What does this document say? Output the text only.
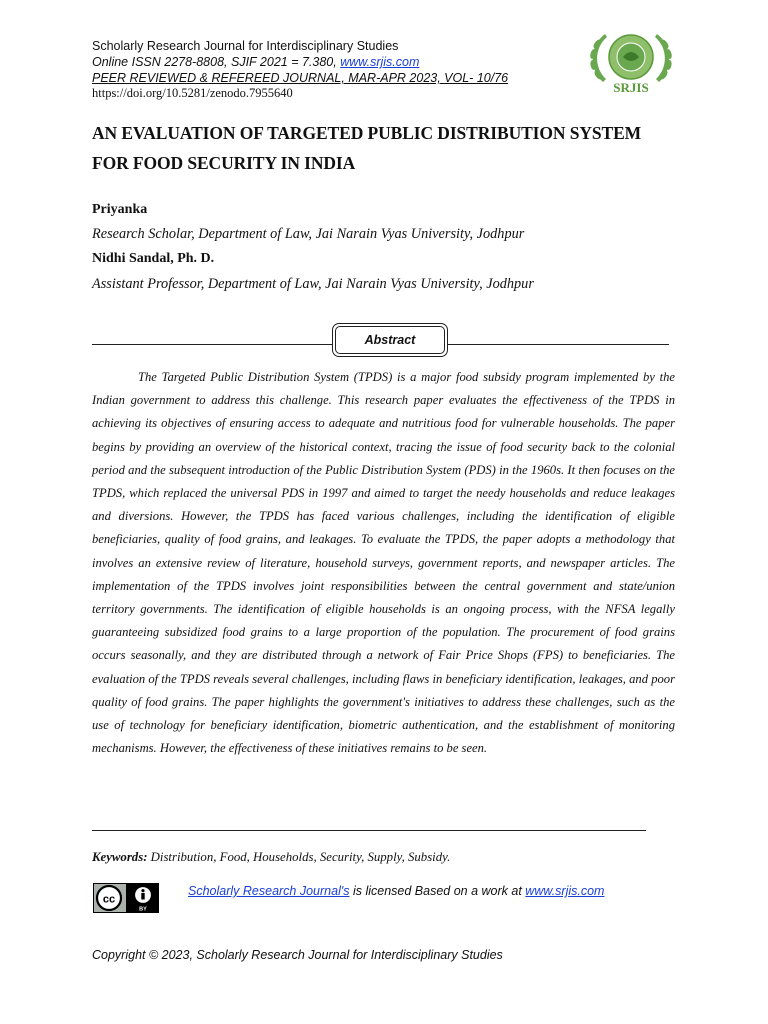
Scholarly Research Journal for Interdisciplinary Studies
Online ISSN 2278-8808, SJIF 2021 = 7.380, www.srjis.com
PEER REVIEWED & REFEREED JOURNAL, MAR-APR 2023, VOL- 10/76
https://doi.org/10.5281/zenodo.7955640	SRJIS
AN EVALUATION OF TARGETED PUBLIC DISTRIBUTION SYSTEM
FOR FOOD SECURITY IN INDIA
Priyanka
Research Scholar, Department of Law, Jai Narain Vyas University, Jodhpur
Nidhi Sandal, Ph. D.
Assistant Professor, Department of Law, Jai Narain Vyas University, Jodhpur
Abstract

The Targeted Public Distribution System (TPDS) is a major food subsidy program implemented by the Indian government to address this challenge. This research paper evaluates the effectiveness of the TPDS in achieving its objectives of ensuring access to adequate and nutritious food for vulnerable households. The paper begins by providing an overview of the historical context, tracing the issue of food security back to the colonial period and the subsequent introduction of the Public Distribution System (PDS) in the 1960s. It then focuses on the TPDS, which replaced the universal PDS in 1997 and aimed to target the needy households and reduce leakages and diversions. However, the TPDS has faced various challenges, including the identification of eligible beneficiaries, quality of food grains, and leakages. To evaluate the TPDS, the paper adopts a methodology that involves an extensive review of literature, household surveys, government reports, and newspaper articles. The implementation of the TPDS involves joint responsibilities between the central government and state/union territory governments. The identification of eligible households is an ongoing process, with the NFSA legally guaranteeing subsidized food grains to a large proportion of the population. The procurement of food grains occurs seasonally, and they are distributed through a network of Fair Price Shops (FPS) to beneficiaries. The evaluation of the TPDS reveals several challenges, including flaws in beneficiary identification, leakages, and poor quality of food grains. The paper highlights the government's initiatives to address these challenges, such as the use of technology for beneficiary identification, biometric authentication, and the establishment of monitoring mechanisms. However, the effectiveness of these initiatives remains to be seen.

Keywords: Distribution, Food, Households, Security, Supply, Subsidy.
cc
BY
Scholarly Research Journal's is licensed Based on a work at www.srjis.com
Copyright © 2023, Scholarly Research Journal for Interdisciplinary Studies
